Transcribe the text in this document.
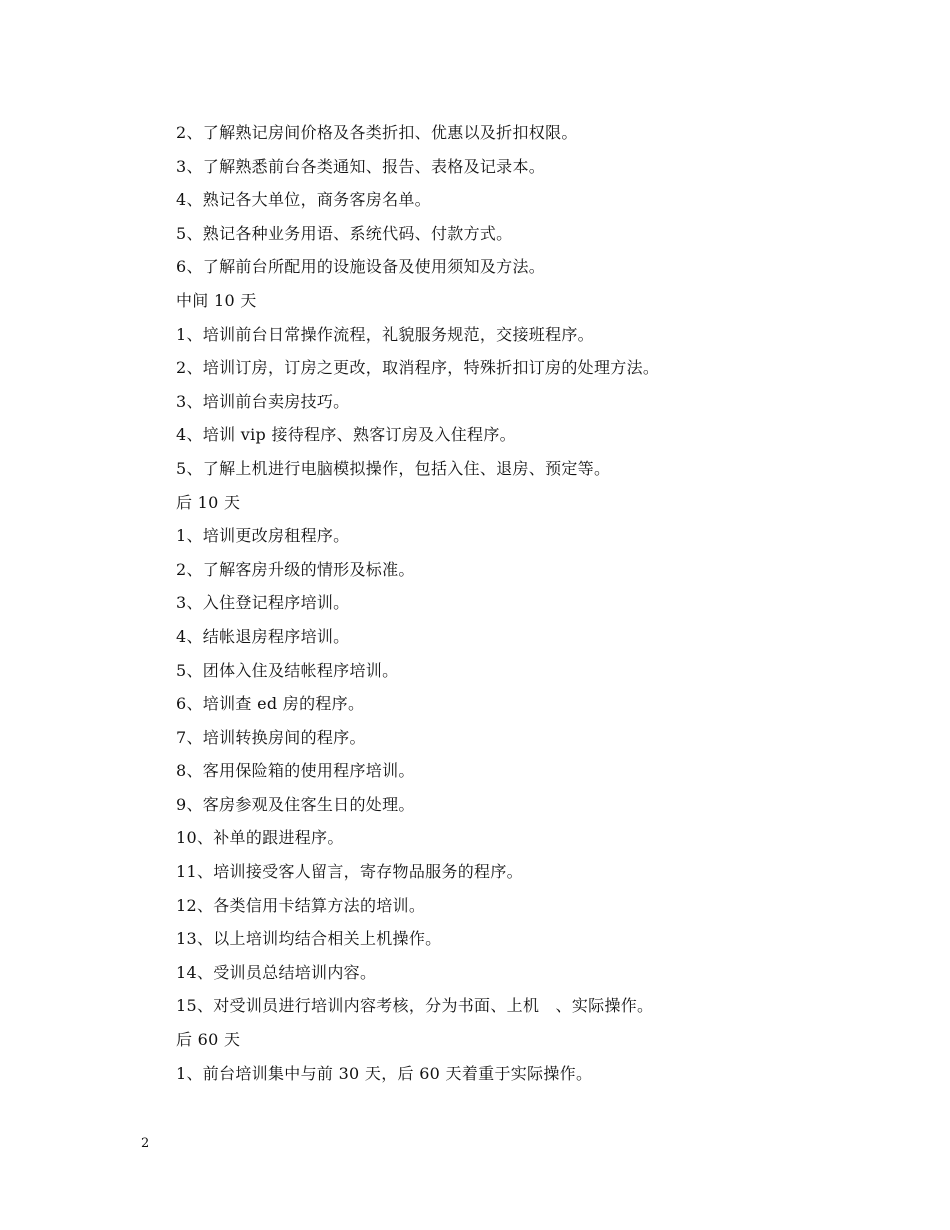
2、了解熟记房间价格及各类折扣、优惠以及折扣权限。
3、了解熟悉前台各类通知、报告、表格及记录本。
4、熟记各大单位，商务客房名单。
5、熟记各种业务用语、系统代码、付款方式。
6、了解前台所配用的设施设备及使用须知及方法。
中间 10 天
1、培训前台日常操作流程，礼貌服务规范，交接班程序。
2、培训订房，订房之更改，取消程序，特殊折扣订房的处理方法。
3、培训前台卖房技巧。
4、培训 vip 接待程序、熟客订房及入住程序。
5、了解上机进行电脑模拟操作，包括入住、退房、预定等。
后 10 天
1、培训更改房租程序。
2、了解客房升级的情形及标准。
3、入住登记程序培训。
4、结帐退房程序培训。
5、团体入住及结帐程序培训。
6、培训查 ed 房的程序。
7、培训转换房间的程序。
8、客用保险箱的使用程序培训。
9、客房参观及住客生日的处理。
10、补单的跟进程序。
11、培训接受客人留言，寄存物品服务的程序。
12、各类信用卡结算方法的培训。
13、以上培训均结合相关上机操作。
14、受训员总结培训内容。
15、对受训员进行培训内容考核，分为书面、上机　、实际操作。
后 60 天
1、前台培训集中与前 30 天，后 60 天着重于实际操作。
2
